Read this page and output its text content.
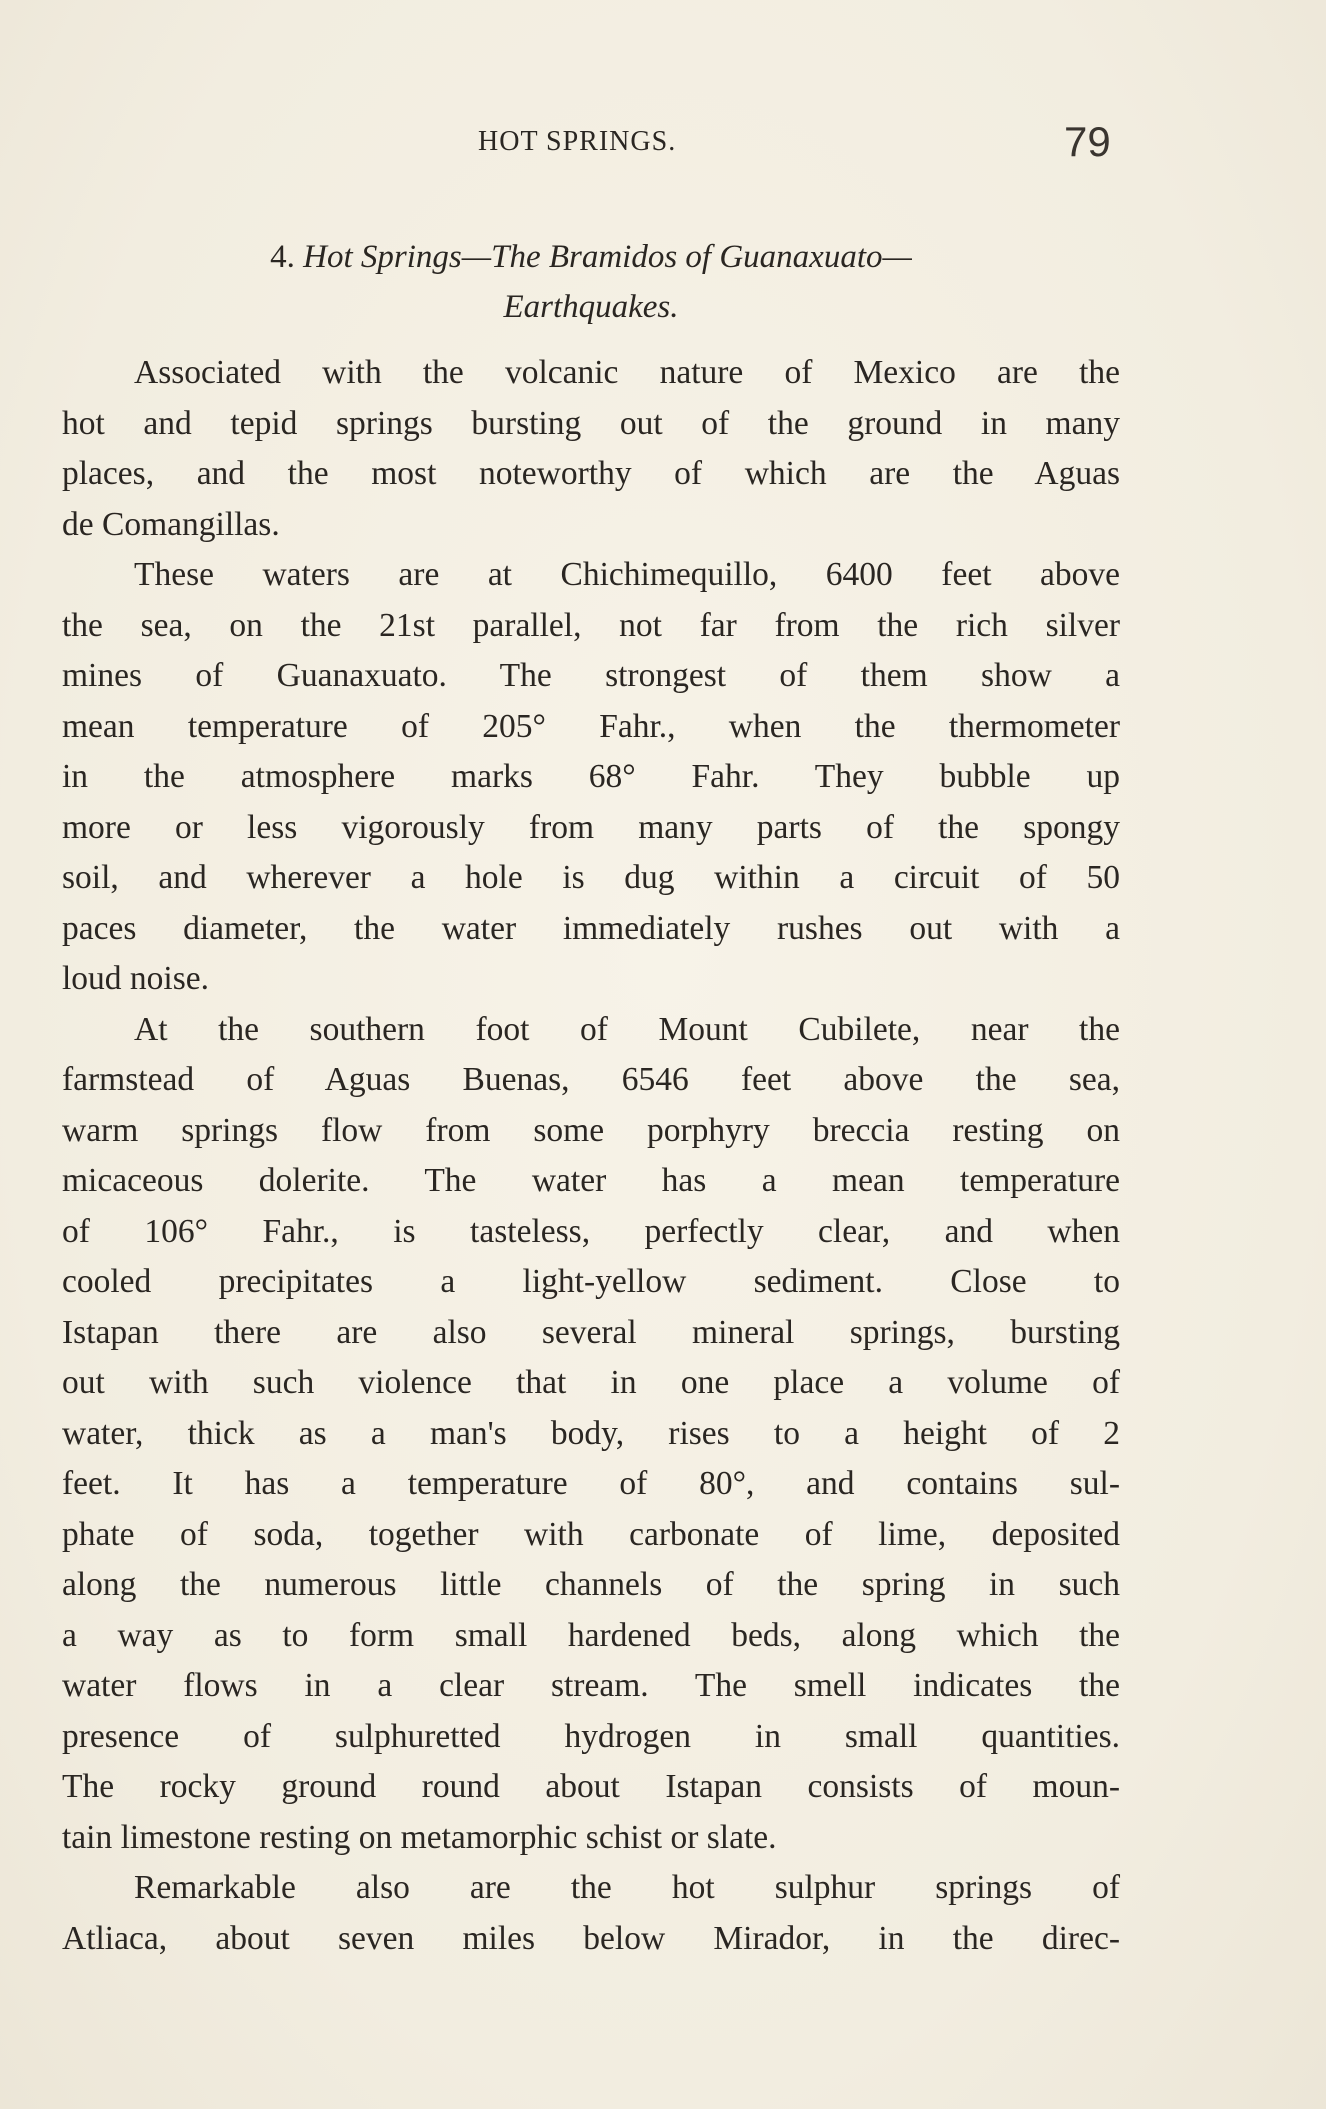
HOT SPRINGS.	79
4. Hot Springs—The Bramidos of Guanaxuato—
Earthquakes.
Associated with the volcanic nature of Mexico are the
hot and tepid springs bursting out of the ground in many
places, and the most noteworthy of which are the Aguas
de Comangillas.
These waters are at Chichimequillo, 6400 feet above
the sea, on the 21st parallel, not far from the rich silver
mines of Guanaxuato. The strongest of them show a
mean temperature of 205° Fahr., when the thermometer
in the atmosphere marks 68° Fahr. They bubble up
more or less vigorously from many parts of the spongy
soil, and wherever a hole is dug within a circuit of 50
paces diameter, the water immediately rushes out with a
loud noise.
At the southern foot of Mount Cubilete, near the
farmstead of Aguas Buenas, 6546 feet above the sea,
warm springs flow from some porphyry breccia resting on
micaceous dolerite. The water has a mean temperature
of 106° Fahr., is tasteless, perfectly clear, and when
cooled precipitates a light-yellow sediment. Close to
Istapan there are also several mineral springs, bursting
out with such violence that in one place a volume of
water, thick as a man's body, rises to a height of 2
feet. It has a temperature of 80°, and contains sul-
phate of soda, together with carbonate of lime, deposited
along the numerous little channels of the spring in such
a way as to form small hardened beds, along which the
water flows in a clear stream. The smell indicates the
presence of sulphuretted hydrogen in small quantities.
The rocky ground round about Istapan consists of moun-
tain limestone resting on metamorphic schist or slate.
Remarkable also are the hot sulphur springs of
Atliaca, about seven miles below Mirador, in the direc-
